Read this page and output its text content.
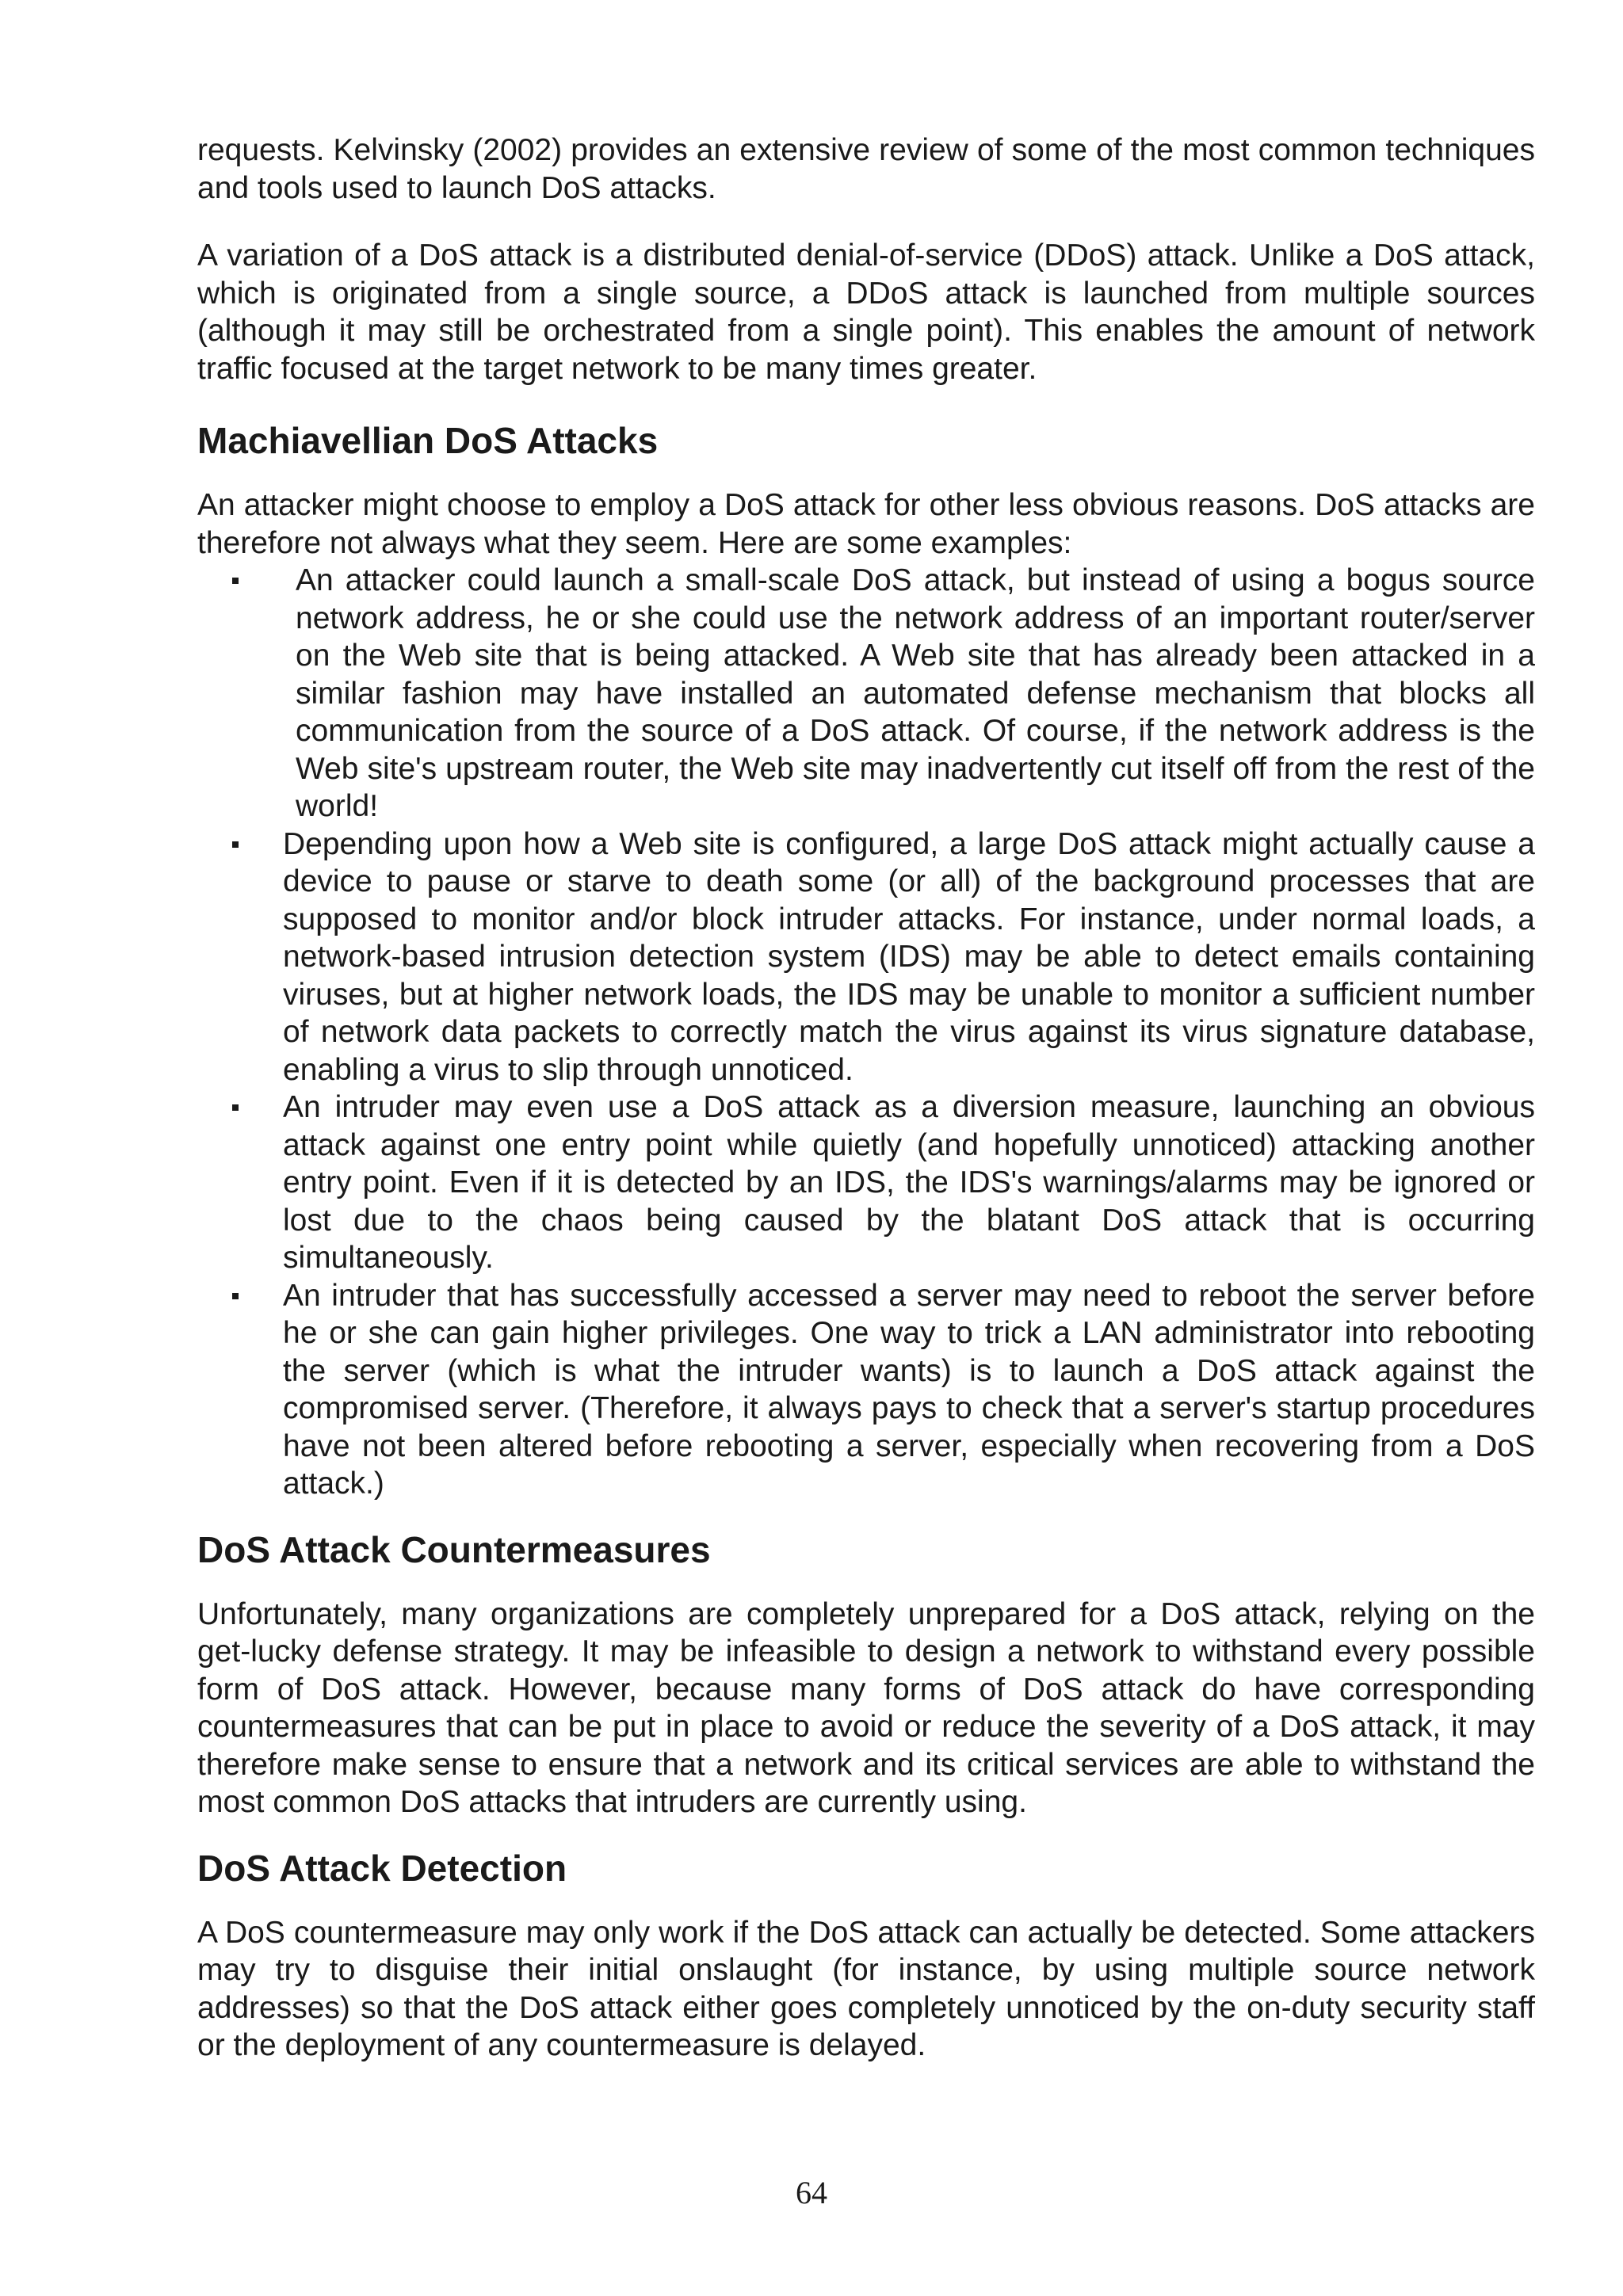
requests. Kelvinsky (2002) provides an extensive review of some of the most common techniques and tools used to launch DoS attacks.

A variation of a DoS attack is a distributed denial-of-service (DDoS) attack. Unlike a DoS attack, which is originated from a single source, a DDoS attack is launched from multiple sources (although it may still be orchestrated from a single point). This enables the amount of network traffic focused at the target network to be many times greater.

Machiavellian DoS Attacks

An attacker might choose to employ a DoS attack for other less obvious reasons. DoS attacks are therefore not always what they seem. Here are some examples:

An attacker could launch a small-scale DoS attack, but instead of using a bogus source network address, he or she could use the network address of an important router/server on the Web site that is being attacked. A Web site that has already been attacked in a similar fashion may have installed an automated defense mechanism that blocks all communication from the source of a DoS attack. Of course, if the network address is the Web site's upstream router, the Web site may inadvertently cut itself off from the rest of the world!
Depending upon how a Web site is configured, a large DoS attack might actually cause a device to pause or starve to death some (or all) of the background processes that are supposed to monitor and/or block intruder attacks. For instance, under normal loads, a network-based intrusion detection system (IDS) may be able to detect emails containing viruses, but at higher network loads, the IDS may be unable to monitor a sufficient number of network data packets to correctly match the virus against its virus signature database, enabling a virus to slip through unnoticed.
An intruder may even use a DoS attack as a diversion measure, launching an obvious attack against one entry point while quietly (and hopefully unnoticed) attacking another entry point. Even if it is detected by an IDS, the IDS's warnings/alarms may be ignored or lost due to the chaos being caused by the blatant DoS attack that is occurring simultaneously.
An intruder that has successfully accessed a server may need to reboot the server before he or she can gain higher privileges. One way to trick a LAN administrator into rebooting the server (which is what the intruder wants) is to launch a DoS attack against the compromised server. (Therefore, it always pays to check that a server's startup procedures have not been altered before rebooting a server, especially when recovering from a DoS attack.)
DoS Attack Countermeasures

Unfortunately, many organizations are completely unprepared for a DoS attack, relying on the get-lucky defense strategy. It may be infeasible to design a network to withstand every possible form of DoS attack. However, because many forms of DoS attack do have corresponding countermeasures that can be put in place to avoid or reduce the severity of a DoS attack, it may therefore make sense to ensure that a network and its critical services are able to withstand the most common DoS attacks that intruders are currently using.

DoS Attack Detection

A DoS countermeasure may only work if the DoS attack can actually be detected. Some attackers may try to disguise their initial onslaught (for instance, by using multiple source network addresses) so that the DoS attack either goes completely unnoticed by the on-duty security staff or the deployment of any countermeasure is delayed.

64
